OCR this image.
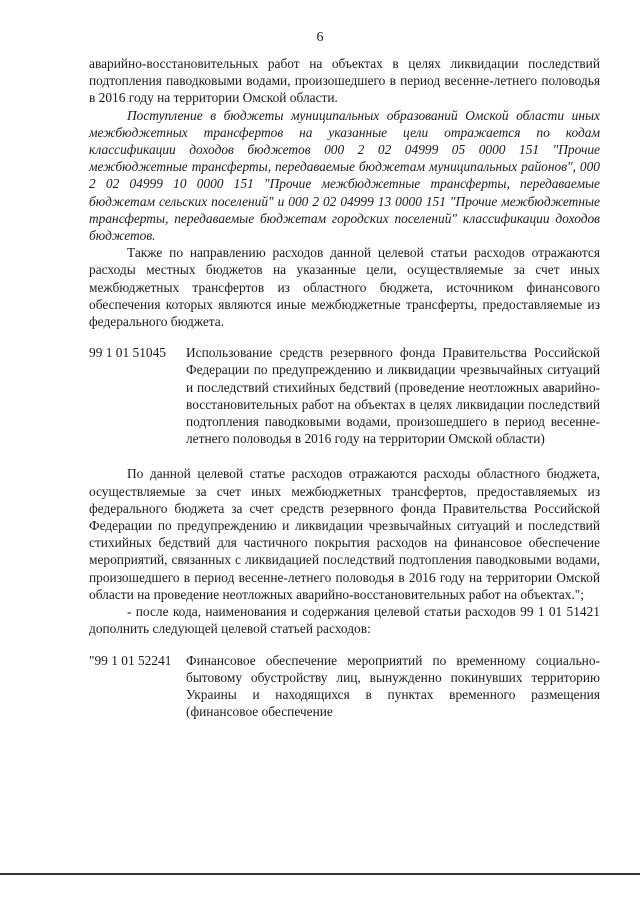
6

аварийно-восстановительных работ на объектах в целях ликвидации последствий подтопления паводковыми водами, произошедшего в период весенне-летнего половодья в 2016 году на территории Омской области.

Поступление в бюджеты муниципальных образований Омской области иных межбюджетных трансфертов на указанные цели отражается по кодам классификации доходов бюджетов 000 2 02 04999 05 0000 151 "Прочие межбюджетные трансферты, передаваемые бюджетам муниципальных районов", 000 2 02 04999 10 0000 151 "Прочие межбюджетные трансферты, передаваемые бюджетам сельских поселений" и 000 2 02 04999 13 0000 151 "Прочие межбюджетные трансферты, передаваемые бюджетам городских поселений" классификации доходов бюджетов.

Также по направлению расходов данной целевой статьи расходов отражаются расходы местных бюджетов на указанные цели, осуществляемые за счет иных межбюджетных трансфертов из областного бюджета, источником финансового обеспечения которых являются иные межбюджетные трансферты, предоставляемые из федерального бюджета.

99 1 01 51045	Использование средств резервного фонда Правительства Российской Федерации по предупреждению и ликвидации чрезвычайных ситуаций и последствий стихийных бедствий (проведение неотложных аварийно-восстановительных работ на объектах в целях ликвидации последствий подтопления паводковыми водами, произошедшего в период весенне-летнего половодья в 2016 году на территории Омской области)

По данной целевой статье расходов отражаются расходы областного бюджета, осуществляемые за счет иных межбюджетных трансфертов, предоставляемых из федерального бюджета за счет средств резервного фонда Правительства Российской Федерации по предупреждению и ликвидации чрезвычайных ситуаций и последствий стихийных бедствий для частичного покрытия расходов на финансовое обеспечение мероприятий, связанных с ликвидацией последствий подтопления паводковыми водами, произошедшего в период весенне-летнего половодья в 2016 году на территории Омской области на проведение неотложных аварийно-восстановительных работ на объектах.";

- после кода, наименования и содержания целевой статьи расходов 99 1 01 51421 дополнить следующей целевой статьей расходов:

"99 1 01 52241	Финансовое обеспечение мероприятий по временному социально-бытовому обустройству лиц, вынужденно покинувших территорию Украины и находящихся в пунктах временного размещения (финансовое обеспечение
